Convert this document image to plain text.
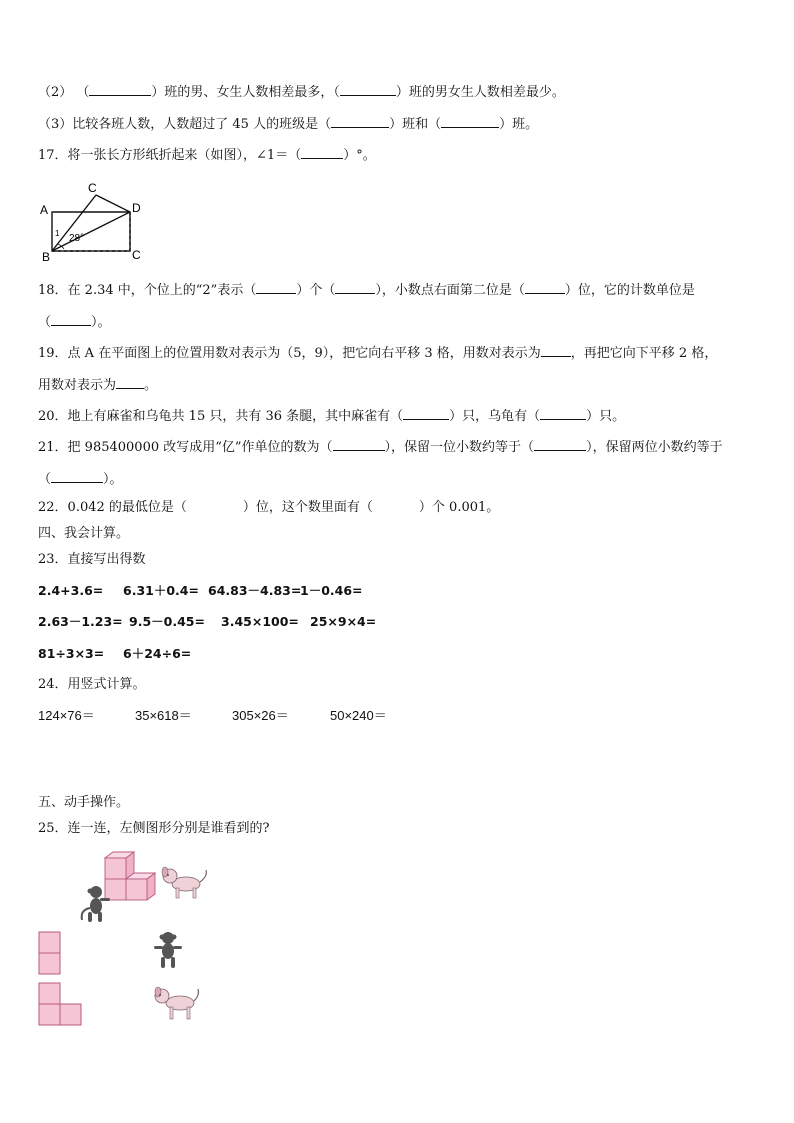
（2） （	）班的男、女生人数相差最多，（	）班的男女生人数相差最少。
（3）比较各班人数，人数超过了 45 人的班级是（	）班和（	）班。
17．将一张长方形纸折起来（如图），∠1＝（	）°。
A
B
C
D
C
1 28°
18．在 2.34 中，个位上的“2”表示（	）个（	），小数点右面第二位是（	）位，它的计数单位是
（	）。
19．点 A 在平面图上的位置用数对表示为（5，9），把它向右平移 3 格，用数对表示为 ，再把它向下平移 2 格，
用数对表示为 。
20．地上有麻雀和乌龟共 15 只，共有 36 条腿，其中麻雀有（	）只，乌龟有（	）只。
21．把 985400000 改写成用“亿”作单位的数为（	），保留一位小数约等于（	），保留两位小数约等于
（	）。
22．0.042 的最低位是（	）位，这个数里面有（	）个 0.001。
四、我会计算。
23．直接写出得数
2.4+3.6= 6.31＋0.4= 64.83－4.83=
1－0.46=
2.63－1.23= 9.5－0.45= 3.45×100= 25×9×4=
81÷3×3= 6＋24÷6=
24．用竖式计算。
124×76＝	35×618＝	305×26＝	50×240＝
五、动手操作。
25．连一连，左侧图形分别是谁看到的?
